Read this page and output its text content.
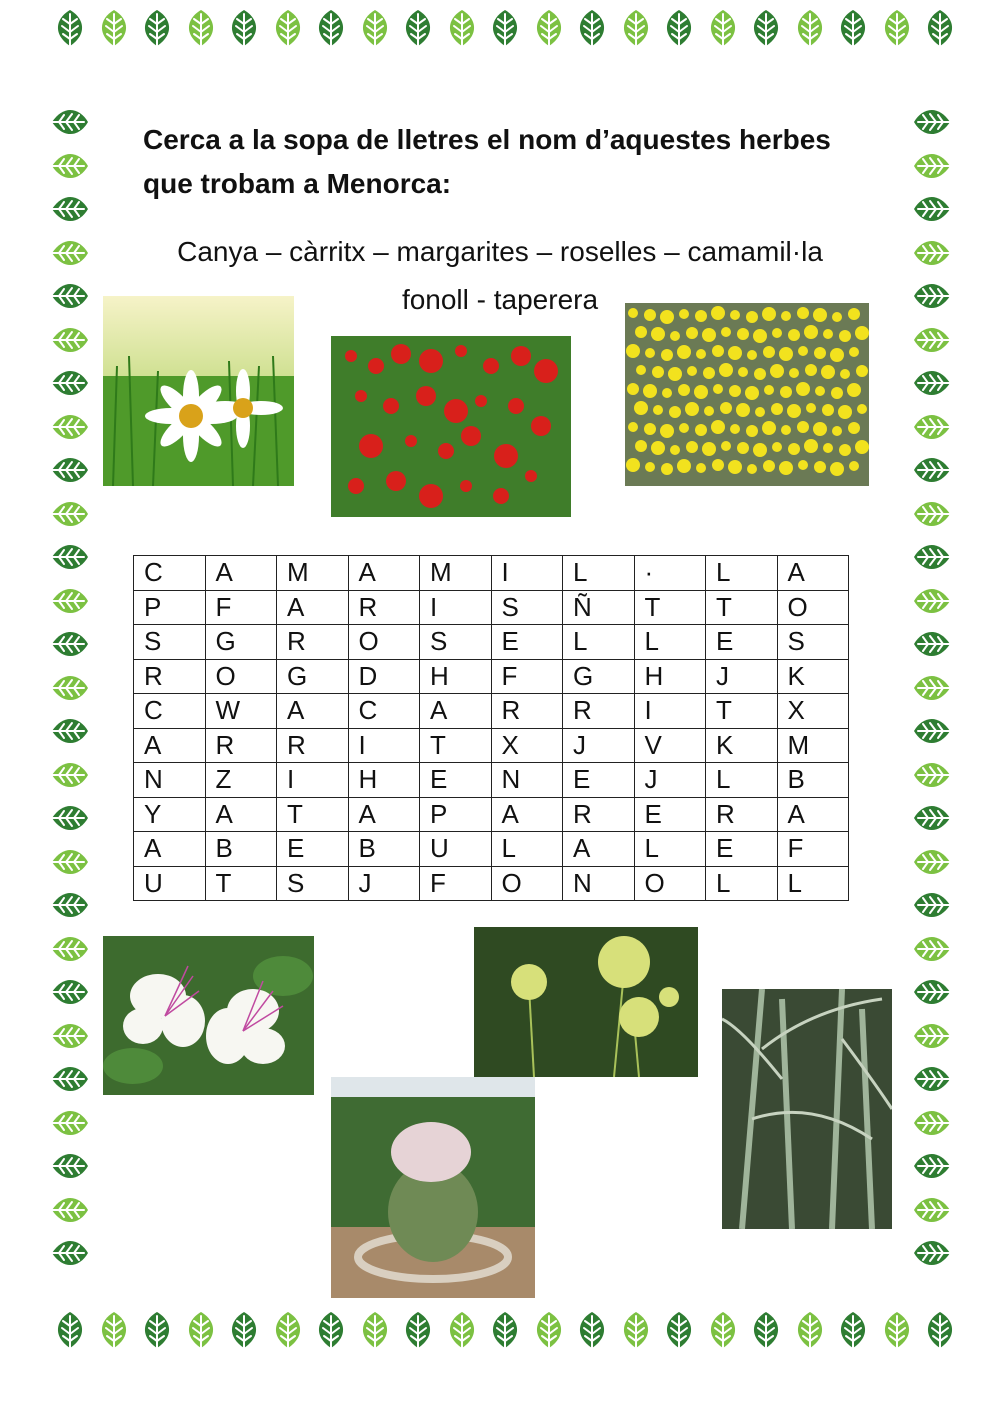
Cerca a la sopa de lletres el nom d’aquestes herbes
que trobam a Menorca:
Canya – càrritx – margarites – roselles – camamil·la
fonoll - taperera
C	A	M	A	M	I	L	·	L	A
P	F	A	R	I	S	Ñ	T	T	O
S	G	R	O	S	E	L	L	E	S
R	O	G	D	H	F	G	H	J	K
C	W	A	C	A	R	R	I	T	X
A	R	R	I	T	X	J	V	K	M
N	Z	I	H	E	N	E	J	L	B
Y	A	T	A	P	A	R	E	R	A
A	B	E	B	U	L	A	L	E	F
U	T	S	J	F	O	N	O	L	L
